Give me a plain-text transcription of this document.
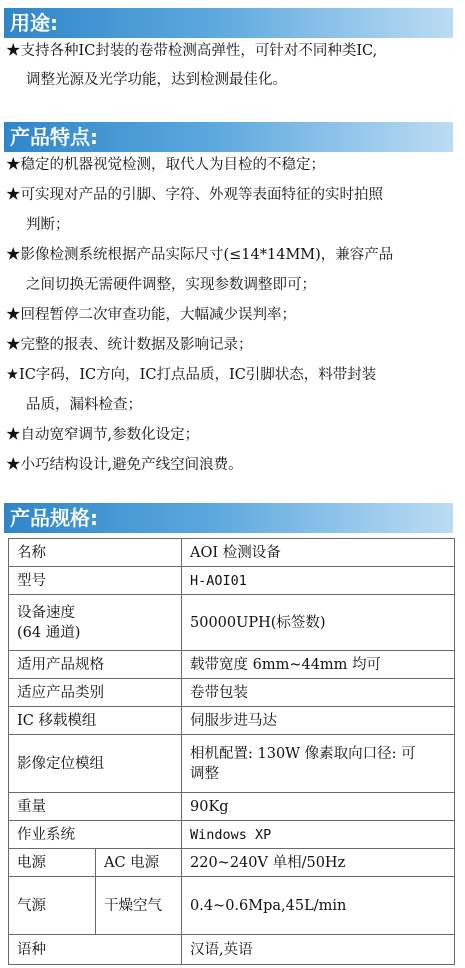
用途:
★支持各种IC封装的卷带检测高弹性，可针对不同种类IC,
调整光源及光学功能，达到检测最佳化。
产品特点:
★稳定的机器视觉检测，取代人为目检的不稳定；
★可实现对产品的引脚、字符、外观等表面特征的实时拍照
判断；
★影像检测系统根据产品实际尺寸(≤14*14MM)，兼容产品
之间切换无需硬件调整，实现参数调整即可；
★回程暂停二次审查功能，大幅减少误判率；
★完整的报表、统计数据及影响记录；
★IC字码，IC方向，IC打点品质，IC引脚状态，料带封装
品质，漏料检查；
★自动宽窄调节,参数化设定；
★小巧结构设计,避免产线空间浪费。
产品规格:
名称		AOI 检测设备
型号		H-AOI01

设备速度
(64 通道)		50000UPH(标签数)
适用产品规格		载带宽度 6mm~44mm 均可
适应产品类别		卷带包装
IC 移载模组		伺服步进马达
影像定位模组		相机配置: 130W 像素取向口径: 可
调整

重量		90Kg
作业系统		Windows XP
电源	AC 电源	220~240V 单相/50Hz
气源	干燥空气	0.4~0.6Mpa,45L/min
语种		汉语,英语
